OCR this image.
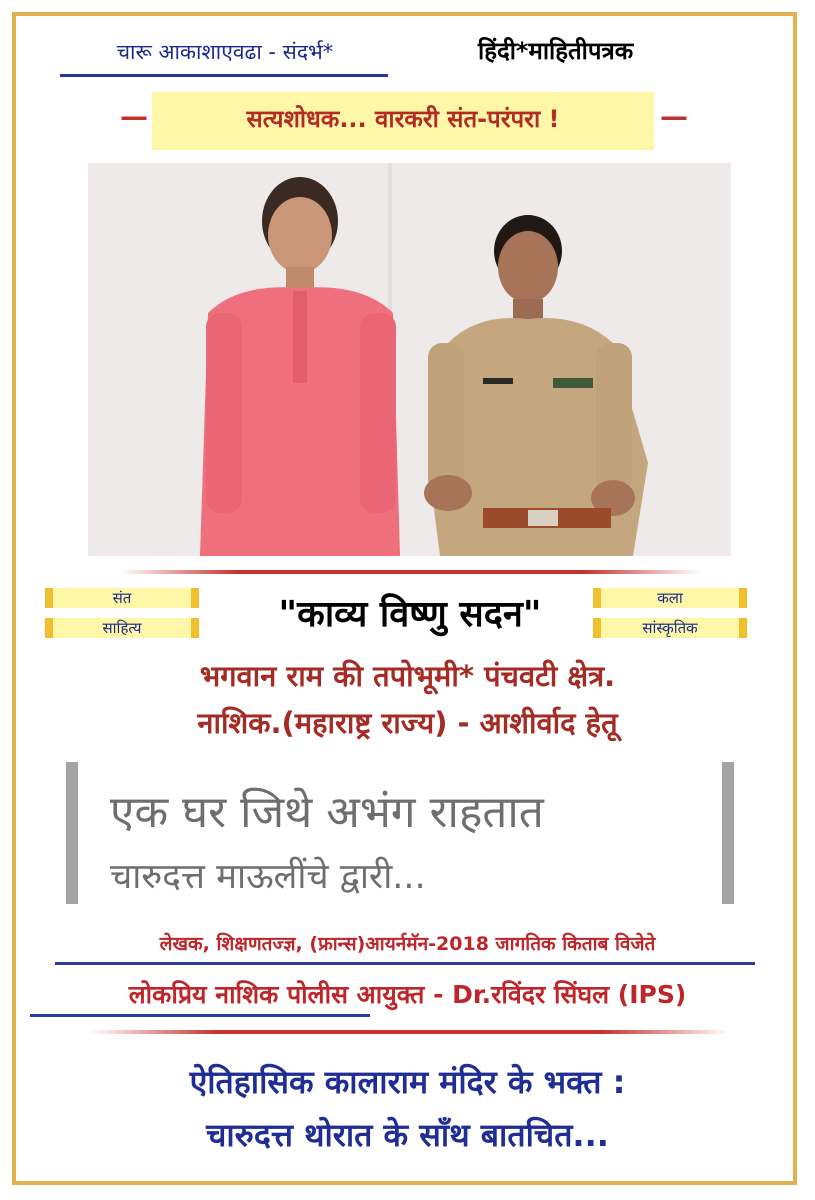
चारू आकाशाएवढा - संदर्भ*	हिंदी*माहितीपत्रक
—	—
सत्यशोधक... वारकरी संत-परंपरा !
संत
साहित्य
कला
सांस्कृतिक
"काव्य विष्णु सदन"
भगवान राम की तपोभूमी* पंचवटी क्षेत्र.
नाशिक.(महाराष्ट्र राज्य) - आशीर्वाद हेतू
एक घर जिथे अभंग राहतात
चारुदत्त माऊलींचे द्वारी...
लेखक, शिक्षणतज्ज्ञ, (फ्रान्स)आयर्नमॅन-2018 जागतिक किताब विजेते
लोकप्रिय नाशिक पोलीस आयुक्त - Dr.रविंदर सिंघल (IPS)
ऐतिहासिक कालाराम मंदिर के भक्त :
चारुदत्त थोरात के साँथ बातचित...
